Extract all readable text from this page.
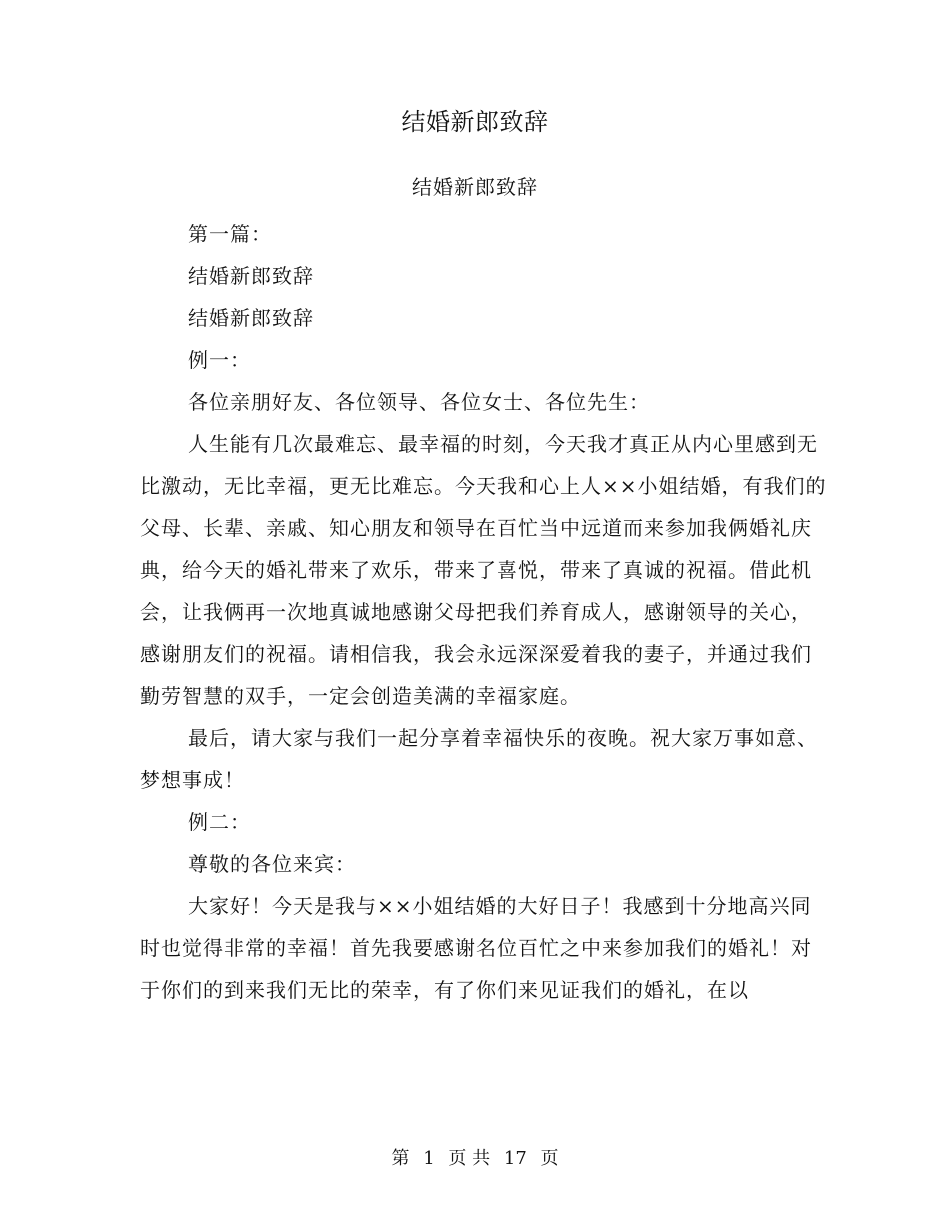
结婚新郎致辞
结婚新郎致辞

第一篇：

结婚新郎致辞

结婚新郎致辞

例一：

各位亲朋好友、各位领导、各位女士、各位先生：

人生能有几次最难忘、最幸福的时刻，今天我才真正从内心里感到无比激动，无比幸福，更无比难忘。今天我和心上人××小姐结婚，有我们的父母、长辈、亲戚、知心朋友和领导在百忙当中远道而来参加我俩婚礼庆典，给今天的婚礼带来了欢乐，带来了喜悦，带来了真诚的祝福。借此机会，让我俩再一次地真诚地感谢父母把我们养育成人，感谢领导的关心，感谢朋友们的祝福。请相信我，我会永远深深爱着我的妻子，并通过我们勤劳智慧的双手，一定会创造美满的幸福家庭。

最后，请大家与我们一起分享着幸福快乐的夜晚。祝大家万事如意、梦想事成！

例二：

尊敬的各位来宾：

大家好！今天是我与××小姐结婚的大好日子！我感到十分地高兴同时也觉得非常的幸福！首先我要感谢名位百忙之中来参加我们的婚礼！对于你们的到来我们无比的荣幸，有了你们来见证我们的婚礼，在以

第 1 页 共 17 页
